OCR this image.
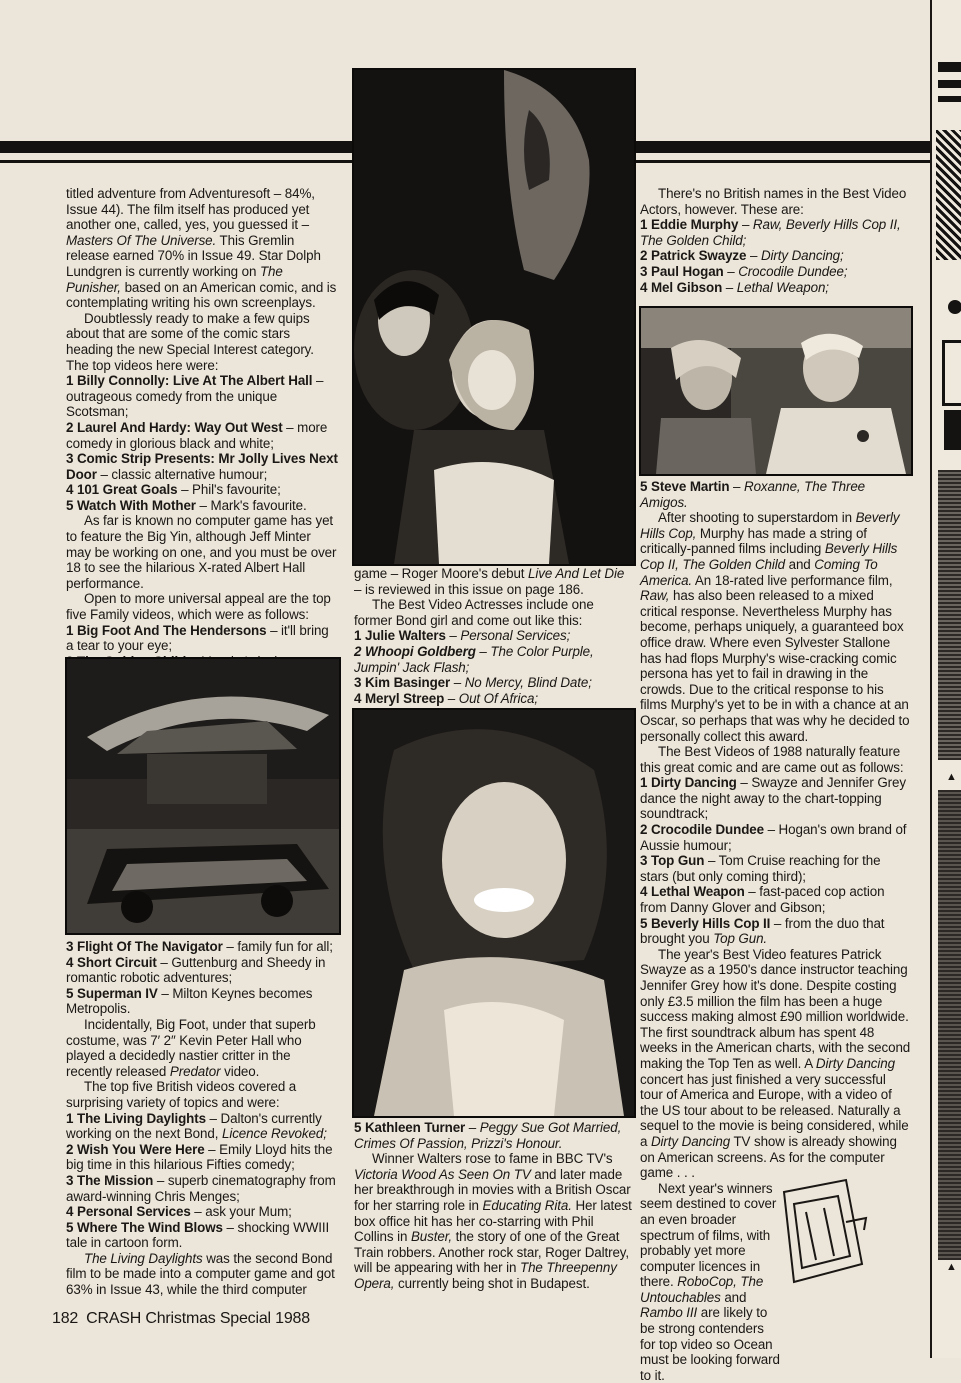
titled adventure from Adventuresoft – 84%, Issue 44). The film itself has produced yet another one, called, yes, you guessed it – Masters Of The Universe. This Gremlin release earned 70% in Issue 49. Star Dolph Lundgren is currently working on The Punisher, based on an American comic, and is contemplating writing his own screenplays.

Doubtlessly ready to make a few quips about that are some of the comic stars heading the new Special Interest category. The top videos here were:

1 Billy Connolly: Live At The Albert Hall – outrageous comedy from the unique Scotsman;

2 Laurel And Hardy: Way Out West – more comedy in glorious black and white;

3 Comic Strip Presents: Mr Jolly Lives Next Door – classic alternative humour;

4 101 Great Goals – Phil's favourite;

5 Watch With Mother – Mark's favourite.

As far is known no computer game has yet to feature the Big Yin, although Jeff Minter may be working on one, and you must be over 18 to see the hilarious X-rated Albert Hall performance.

Open to more universal appeal are the top five Family videos, which were as follows:

1 Big Foot And The Hendersons – it'll bring a tear to your eye;

3 Flight Of The Navigator – family fun for all;

4 Short Circuit – Guttenburg and Sheedy in romantic robotic adventures;

5 Superman IV – Milton Keynes becomes Metropolis.

Incidentally, Big Foot, under that superb costume, was 7′ 2″ Kevin Peter Hall who played a decidedly nastier critter in the recently released Predator video.

The top five British videos covered a surprising variety of topics and were:

1 The Living Daylights – Dalton's currently working on the next Bond, Licence Revoked;

2 Wish You Were Here – Emily Lloyd hits the big time in this hilarious Fifties comedy;

3 The Mission – superb cinematography from award-winning Chris Menges;

4 Personal Services – ask your Mum;

5 Where The Wind Blows – shocking WWIII tale in cartoon form.

The Living Daylights was the second Bond film to be made into a computer game and got 63% in Issue 43, while the third computer

game – Roger Moore's debut Live And Let Die – is reviewed in this issue on page 186.

The Best Video Actresses include one former Bond girl and come out like this:

1 Julie Walters – Personal Services;

2 Whoopi Goldberg – The Color Purple, Jumpin' Jack Flash;

3 Kim Basinger – No Mercy, Blind Date;

4 Meryl Streep – Out Of Africa;

5 Kathleen Turner – Peggy Sue Got Married, Crimes Of Passion, Prizzi's Honour.

Winner Walters rose to fame in BBC TV's Victoria Wood As Seen On TV and later made her breakthrough in movies with a British Oscar for her starring role in Educating Rita. Her latest box office hit has her co-starring with Phil Collins in Buster, the story of one of the Great Train robbers. Another rock star, Roger Daltrey, will be appearing with her in The Threepenny Opera, currently being shot in Budapest.

There's no British names in the Best Video Actors, however. These are:

1 Eddie Murphy – Raw, Beverly Hills Cop II, The Golden Child;

2 Patrick Swayze – Dirty Dancing;

3 Paul Hogan – Crocodile Dundee;

4 Mel Gibson – Lethal Weapon;

5 Steve Martin – Roxanne, The Three Amigos.

After shooting to superstardom in Beverly Hills Cop, Murphy has made a string of critically-panned films including Beverly Hills Cop II, The Golden Child and Coming To America. An 18-rated live performance film, Raw, has also been released to a mixed critical response. Nevertheless Murphy has become, perhaps uniquely, a guaranteed box office draw. Where even Sylvester Stallone has had flops Murphy's wise-cracking comic persona has yet to fail in drawing in the crowds. Due to the critical response to his films Murphy's yet to be in with a chance at an Oscar, so perhaps that was why he decided to personally collect this award.

The Best Videos of 1988 naturally feature this great comic and are came out as follows:

1 Dirty Dancing – Swayze and Jennifer Grey dance the night away to the chart-topping soundtrack;

2 Crocodile Dundee – Hogan's own brand of Aussie humour;

3 Top Gun – Tom Cruise reaching for the stars (but only coming third);

4 Lethal Weapon – fast-paced cop action from Danny Glover and Gibson;

5 Beverly Hills Cop II – from the duo that brought you Top Gun.

The year's Best Video features Patrick Swayze as a 1950's dance instructor teaching Jennifer Grey how it's done. Despite costing only £3.5 million the film has been a huge success making almost £90 million worldwide. The first soundtrack album has spent 48 weeks in the American charts, with the second making the Top Ten as well. A Dirty Dancing concert has just finished a very successful tour of America and Europe, with a video of the US tour about to be released. Naturally a sequel to the movie is being considered, while a Dirty Dancing TV show is already showing on American screens. As for the computer game . . .

Next year's winners seem destined to cover an even broader spectrum of films, with probably yet more computer licences in there. RoboCop, The Untouchables and Rambo III are likely to be strong contenders for top video so Ocean must be looking forward to it.

182 CRASH Christmas Special 1988
▲
▲
